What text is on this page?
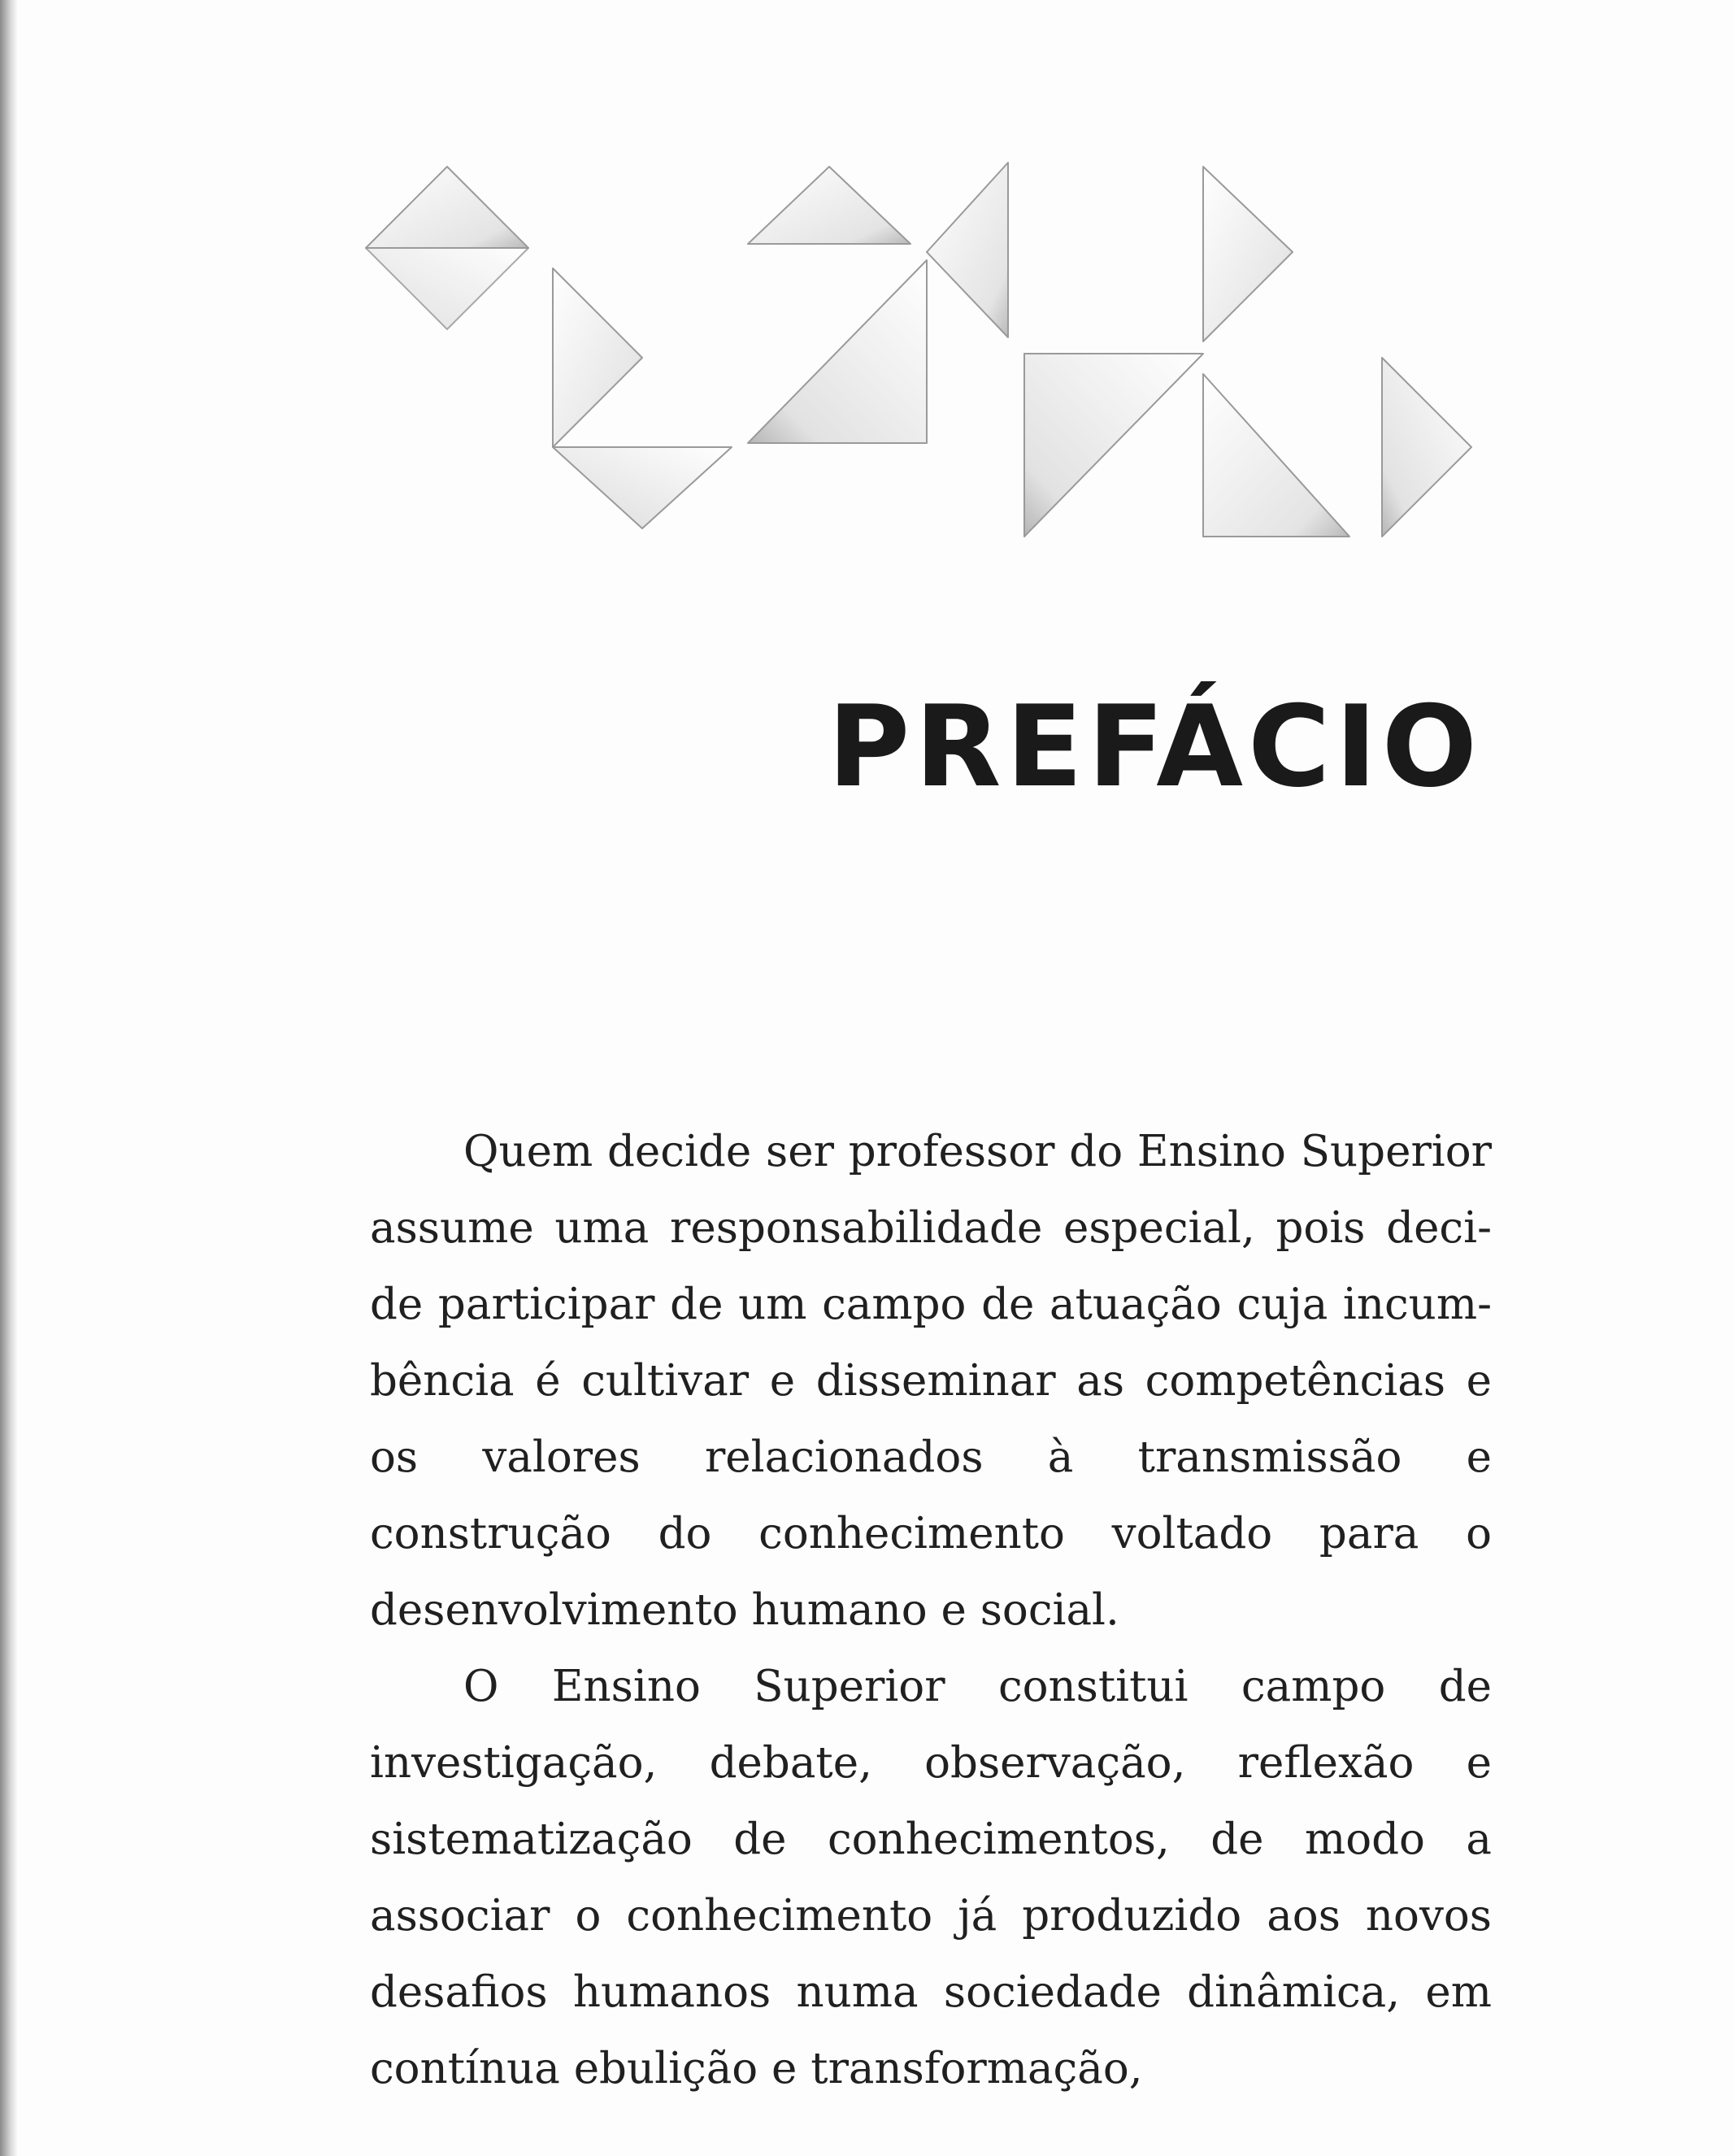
PREFÁCIO

Quem decide ser professor do Ensino Superior assume uma responsabilidade especial, pois decide participar de um campo de atuação cuja incumbência é cultivar e disseminar as competências e os valores relacionados à transmissão e construção do conhecimento voltado para o desenvolvimento humano e social.

O Ensino Superior constitui campo de investigação, debate, observação, reflexão e sistematização de conhecimentos, de modo a associar o conhecimento já produzido aos novos desafios humanos numa sociedade dinâmica, em contínua ebulição e transformação,
